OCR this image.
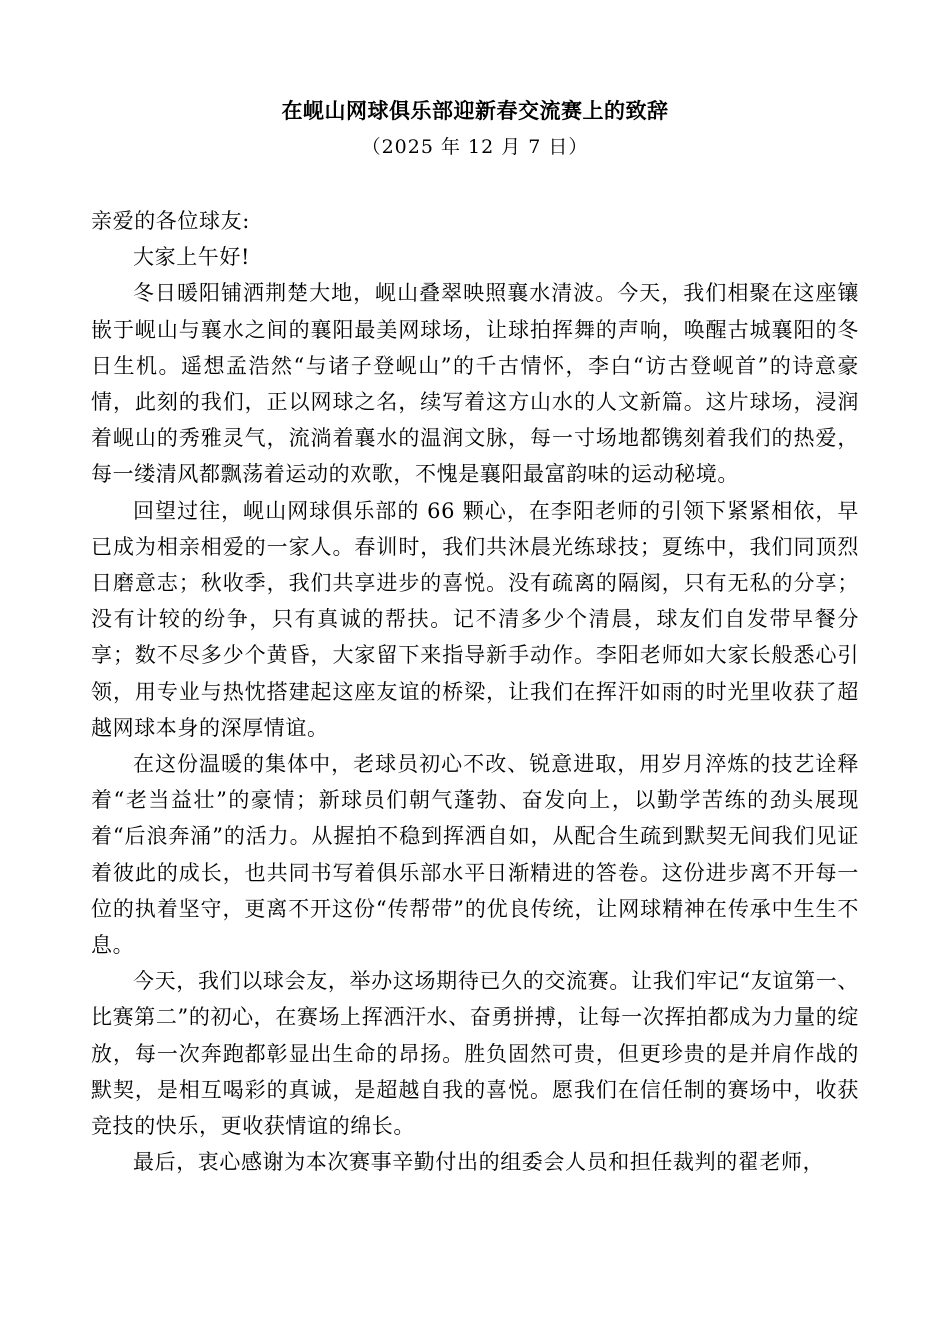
在岘山网球俱乐部迎新春交流赛上的致辞
（2025 年 12 月 7 日）

亲爱的各位球友:

大家上午好!

冬日暖阳铺洒荆楚大地，岘山叠翠映照襄水清波。今天，我们相聚在这座镶嵌于岘山与襄水之间的襄阳最美网球场，让球拍挥舞的声响，唤醒古城襄阳的冬日生机。遥想孟浩然“与诸子登岘山”的千古情怀，李白“访古登岘首”的诗意豪情，此刻的我们，正以网球之名，续写着这方山水的人文新篇。这片球场，浸润着岘山的秀雅灵气，流淌着襄水的温润文脉，每一寸场地都镌刻着我们的热爱，每一缕清风都飘荡着运动的欢歌，不愧是襄阳最富韵味的运动秘境。

回望过往，岘山网球俱乐部的 66 颗心，在李阳老师的引领下紧紧相依，早已成为相亲相爱的一家人。春训时，我们共沐晨光练球技；夏练中，我们同顶烈日磨意志；秋收季，我们共享进步的喜悦。没有疏离的隔阂，只有无私的分享；没有计较的纷争，只有真诚的帮扶。记不清多少个清晨，球友们自发带早餐分享；数不尽多少个黄昏，大家留下来指导新手动作。李阳老师如大家长般悉心引领，用专业与热忱搭建起这座友谊的桥梁，让我们在挥汗如雨的时光里收获了超越网球本身的深厚情谊。

在这份温暖的集体中，老球员初心不改、锐意进取，用岁月淬炼的技艺诠释着“老当益壮”的豪情；新球员们朝气蓬勃、奋发向上，以勤学苦练的劲头展现着“后浪奔涌”的活力。从握拍不稳到挥洒自如，从配合生疏到默契无间我们见证着彼此的成长，也共同书写着俱乐部水平日渐精进的答卷。这份进步离不开每一位的执着坚守，更离不开这份“传帮带”的优良传统，让网球精神在传承中生生不息。

今天，我们以球会友，举办这场期待已久的交流赛。让我们牢记“友谊第一、比赛第二”的初心，在赛场上挥洒汗水、奋勇拼搏，让每一次挥拍都成为力量的绽放，每一次奔跑都彰显出生命的昂扬。胜负固然可贵，但更珍贵的是并肩作战的默契，是相互喝彩的真诚，是超越自我的喜悦。愿我们在信任制的赛场中，收获竞技的快乐，更收获情谊的绵长。

最后，衷心感谢为本次赛事辛勤付出的组委会人员和担任裁判的翟老师，
